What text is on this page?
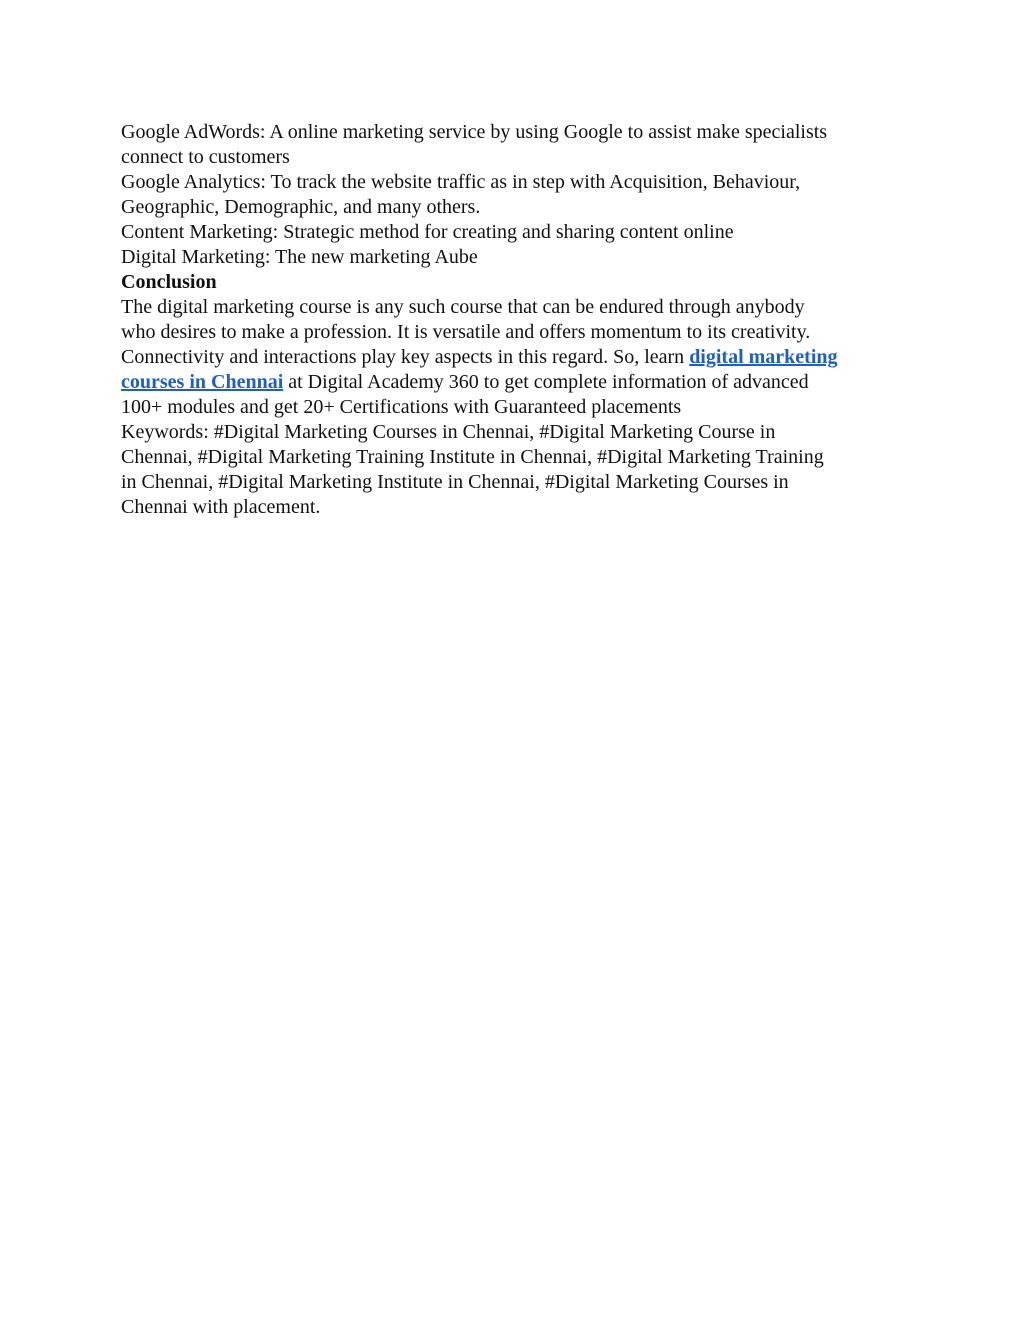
Google AdWords: A online marketing service by using Google to assist make specialists

connect to customers

Google Analytics: To track the website traffic as in step with Acquisition, Behaviour,

Geographic, Demographic, and many others.

Content Marketing: Strategic method for creating and sharing content online

Digital Marketing: The new marketing Aube

Conclusion

The digital marketing course is any such course that can be endured through anybody

who desires to make a profession. It is versatile and offers momentum to its creativity.

Connectivity and interactions play key aspects in this regard. So, learn digital marketing

courses in Chennai at Digital Academy 360 to get complete information of advanced

100+ modules and get 20+ Certifications with Guaranteed placements

Keywords: #Digital Marketing Courses in Chennai, #Digital Marketing Course in

Chennai, #Digital Marketing Training Institute in Chennai, #Digital Marketing Training

in Chennai, #Digital Marketing Institute in Chennai, #Digital Marketing Courses in

Chennai with placement.
